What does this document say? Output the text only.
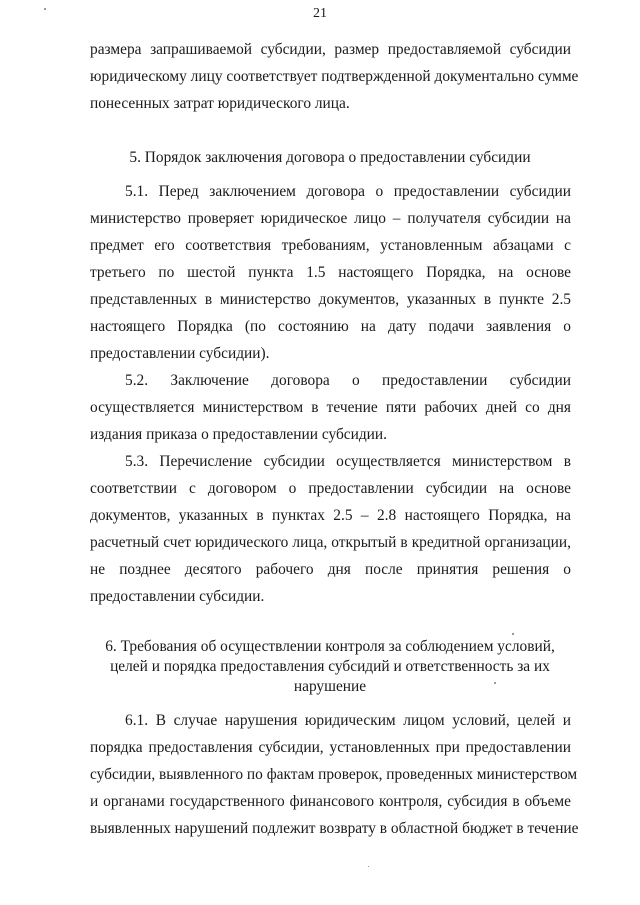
21
размера запрашиваемой субсидии, размер предоставляемой субсидии
юридическому лицу соответствует подтвержденной документально сумме
понесенных затрат юридического лица.
5. Порядок заключения договора о предоставлении субсидии
5.1. Перед заключением договора о предоставлении субсидии
министерство проверяет юридическое лицо – получателя субсидии на
предмет его соответствия требованиям, установленным абзацами с
третьего по шестой пункта 1.5 настоящего Порядка, на основе
представленных в министерство документов, указанных в пункте 2.5
настоящего Порядка (по состоянию на дату подачи заявления о
предоставлении субсидии).
5.2. Заключение договора о предоставлении субсидии
осуществляется министерством в течение пяти рабочих дней со дня
издания приказа о предоставлении субсидии.
5.3. Перечисление субсидии осуществляется министерством в
соответствии с договором о предоставлении субсидии на основе
документов, указанных в пунктах 2.5 – 2.8 настоящего Порядка, на
расчетный счет юридического лица, открытый в кредитной организации,
не позднее десятого рабочего дня после принятия решения о
предоставлении субсидии.
6. Требования об осуществлении контроля за соблюдением условий,
целей и порядка предоставления субсидий и ответственность за их
нарушение
6.1. В случае нарушения юридическим лицом условий, целей и
порядка предоставления субсидии, установленных при предоставлении
субсидии, выявленного по фактам проверок, проведенных министерством
и органами государственного финансового контроля, субсидия в объеме
выявленных нарушений подлежит возврату в областной бюджет в течение
